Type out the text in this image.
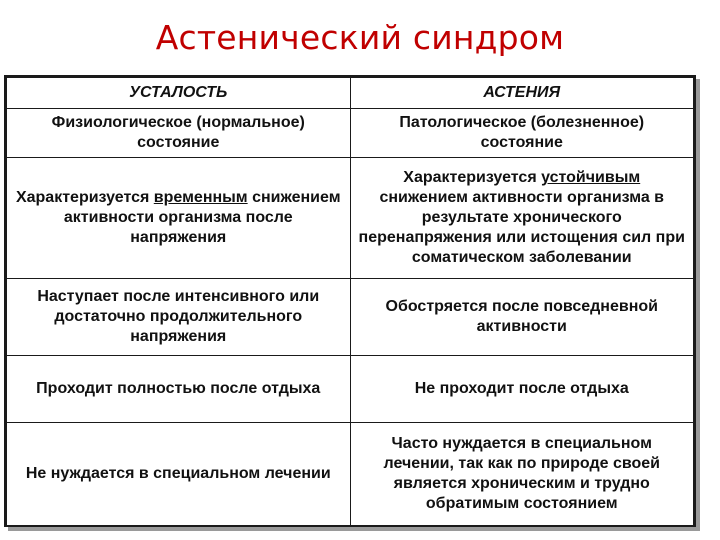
Астенический синдром
УСТАЛОСТЬ	АСТЕНИЯ
Физиологическое (нормальное) состояние	Патологическое (болезненное) состояние
Характеризуется временным снижением активности организма после напряжения	Характеризуется устойчивым снижением активности организма в результате хронического перенапряжения или истощения сил при соматическом заболевании
Наступает после интенсивного или достаточно продолжительного напряжения	Обостряется после повседневной активности
Проходит полностью после отдыха	Не проходит после отдыха
Не нуждается в специальном лечении	Часто нуждается в специальном лечении, так как по природе своей является хроническим и трудно обратимым состоянием
